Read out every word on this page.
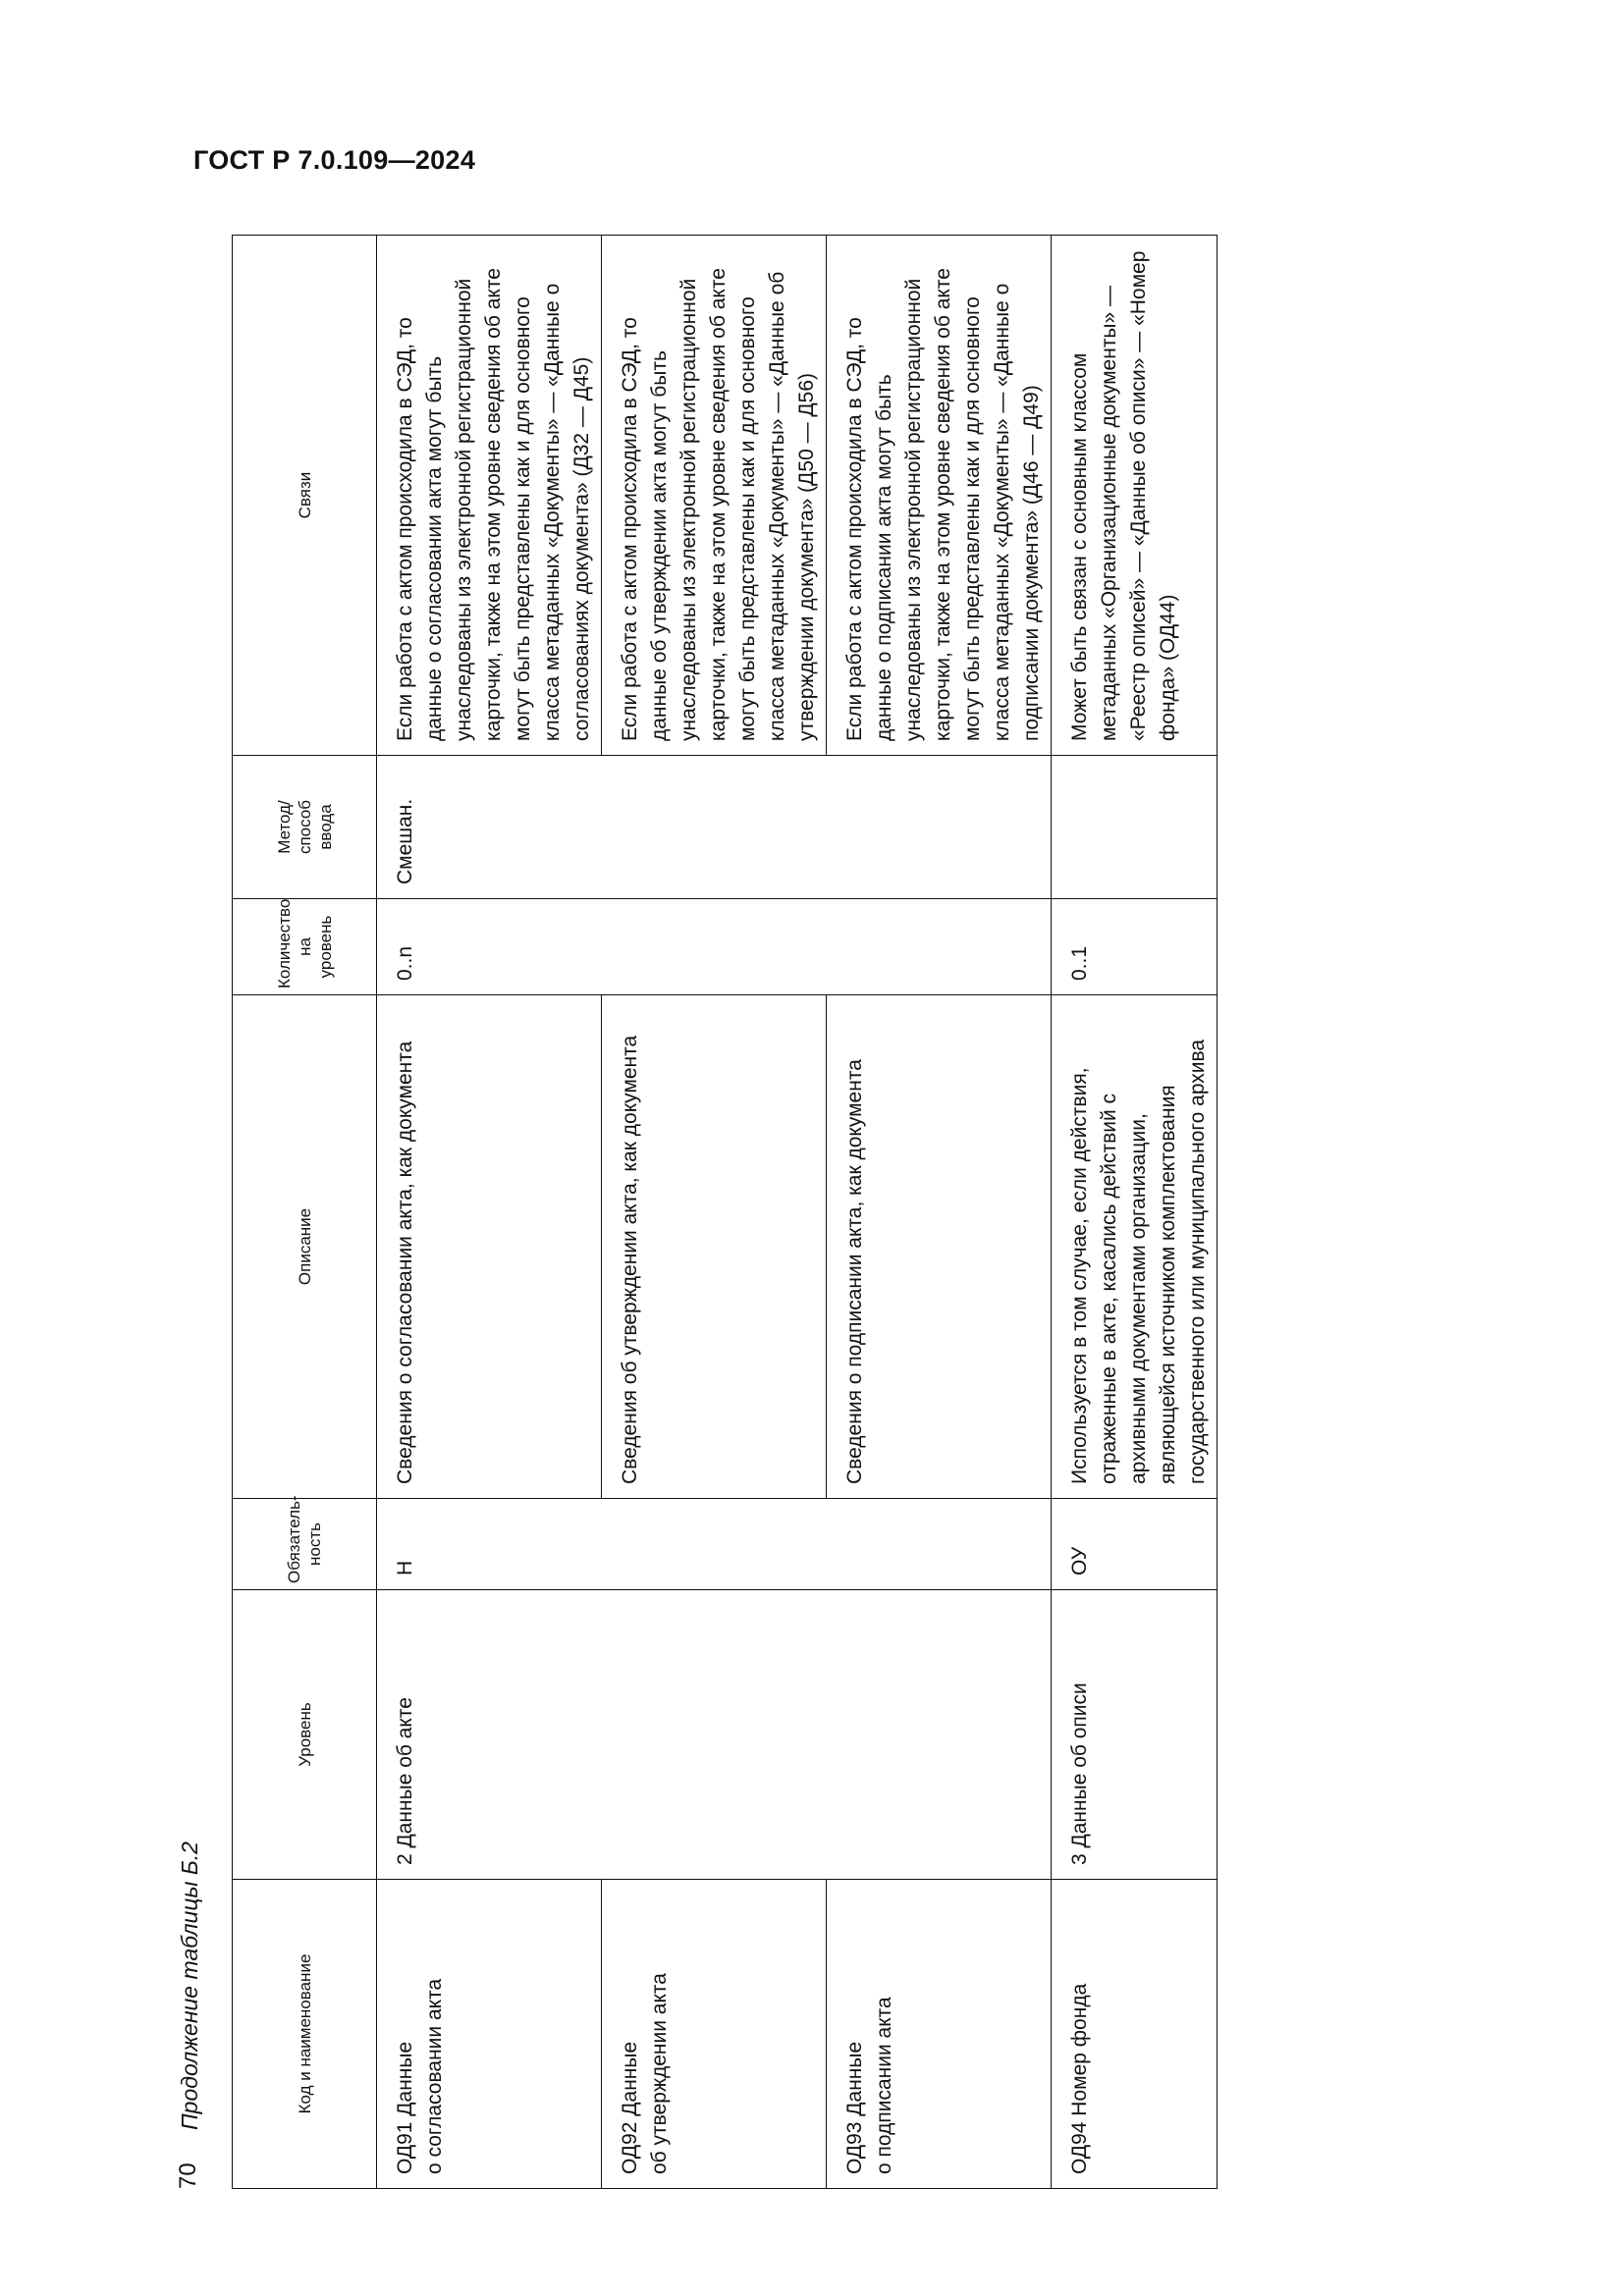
ГОСТ Р 7.0.109—2024
70
Продолжение таблицы Б.2	Код и наименование	Уровень	Обязатель-
ность	Описание	Количество
на уровень	Метод/
способ
ввода	Связи
ОД91 Данные
о согласовании акта	2 Данные об акте	Н	Сведения о согласовании акта, как документа	0..n	Смешан.	Если работа с актом происходила в СЭД, то данные о согласовании акта могут быть унаследованы из электронной регистрационной карточки, также на этом уровне сведения об акте могут быть представлены как и для основного класса метаданных «Документы» — «Данные о согласованиях документа» (Д32 — Д45)
ОД92 Данные
об утверждении акта			Сведения об утверждении акта, как документа			Если работа с актом происходила в СЭД, то данные об утверждении акта могут быть унаследованы из электронной регистрационной карточки, также на этом уровне сведения об акте могут быть представлены как и для основного класса метаданных «Документы» — «Данные об утверждении документа» (Д50 — Д56)
ОД93 Данные
о подписании акта			Сведения о подписании акта, как документа			Если работа с актом происходила в СЭД, то данные о подписании акта могут быть унаследованы из электронной регистрационной карточки, также на этом уровне сведения об акте могут быть представлены как и для основного класса метаданных «Документы» — «Данные о подписании документа» (Д46 — Д49)
ОД94 Номер фонда	3 Данные об описи	ОУ	Используется в том случае, если действия, отраженные в акте, касались действий с архивными документами организации, являющейся источником комплектования государственного или муниципального архива	0..1		Может быть связан с основным классом метаданных «Организационные документы» — «Реестр описей» — «Данные об описи» — «Номер фонда» (ОД44)
